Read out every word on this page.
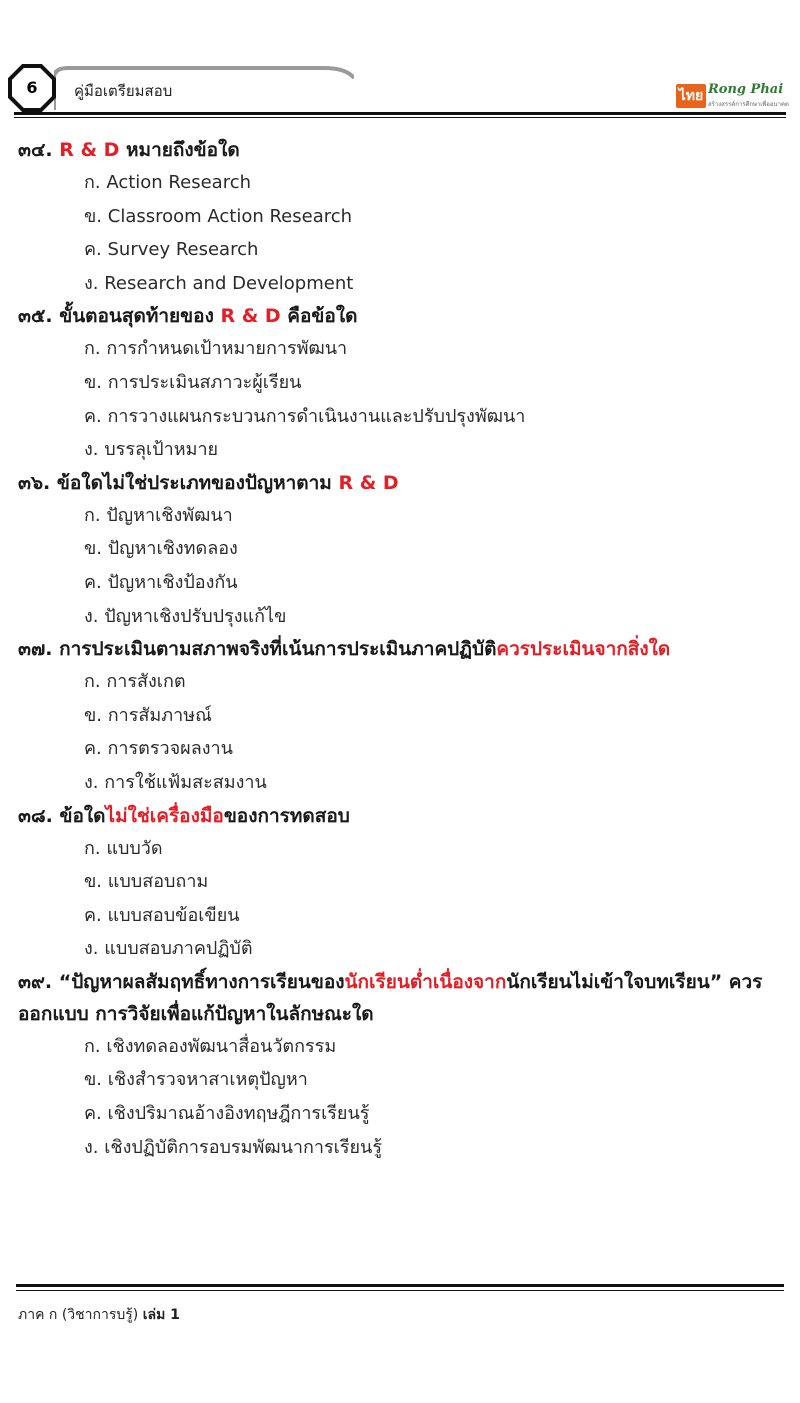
6	คู่มือเตรียมสอบ	ไทย Rong Phai
สร้างสรรค์การศึกษาเพื่ออนาคต

๓๔. R & D หมายถึงข้อใด

ก. Action Research

ข. Classroom Action Research

ค. Survey Research

ง. Research and Development

๓๕. ขั้นตอนสุดท้ายของ R & D คือข้อใด

ก. การกำหนดเป้าหมายการพัฒนา

ข. การประเมินสภาวะผู้เรียน

ค. การวางแผนกระบวนการดำเนินงานและปรับปรุงพัฒนา

ง. บรรลุเป้าหมาย

๓๖. ข้อใดไม่ใช่ประเภทของปัญหาตาม R & D

ก. ปัญหาเชิงพัฒนา

ข. ปัญหาเชิงทดลอง

ค. ปัญหาเชิงป้องกัน

ง. ปัญหาเชิงปรับปรุงแก้ไข

๓๗. การประเมินตามสภาพจริงที่เน้นการประเมินภาคปฏิบัติควรประเมินจากสิ่งใด

ก. การสังเกต

ข. การสัมภาษณ์

ค. การตรวจผลงาน

ง. การใช้แฟ้มสะสมงาน

๓๘. ข้อใดไม่ใช่เครื่องมือของการทดสอบ

ก. แบบวัด

ข. แบบสอบถาม

ค. แบบสอบข้อเขียน

ง. แบบสอบภาคปฏิบัติ

๓๙. “ปัญหาผลสัมฤทธิ์ทางการเรียนของนักเรียนต่ำเนื่องจากนักเรียนไม่เข้าใจบทเรียน” ควรออกแบบ การวิจัยเพื่อแก้ปัญหาในลักษณะใด

ก. เชิงทดลองพัฒนาสื่อนวัตกรรม

ข. เชิงสำรวจหาสาเหตุปัญหา

ค. เชิงปริมาณอ้างอิงทฤษฎีการเรียนรู้

ง. เชิงปฏิบัติการอบรมพัฒนาการเรียนรู้

ภาค ก (วิชาการบรู้) เล่ม 1
